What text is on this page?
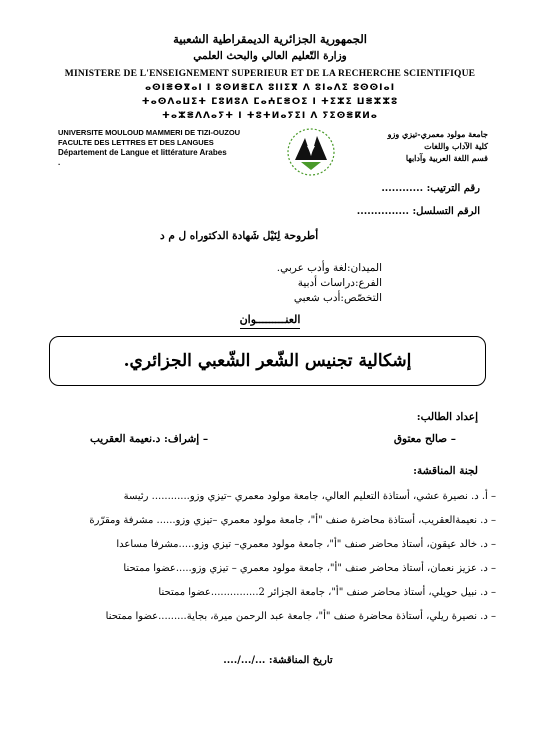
الجمهورية الجزائرية الديمقراطية الشعبية
وزارة التّعليم العالي والبحث العلمي
MINISTERE DE L'ENSEIGNEMENT SUPERIEUR ET DE LA RECHERCHE SCIENTIFIQUE
ⴰⵙⵏⴻⴱⴳⴰⵏ ⵏ ⵓⵙⵍⴻⵎⴷ ⵓⵏⵏⵉⴳ ⴷ ⵓⵏⴰⴷⵉ ⵓⵙⵙⵏⴰⵏ
ⵜⴰⵙⴷⴰⵡⵉⵜ ⵎⵓⵍⵓⴷ ⵎⴰⵄⵎⴻⵔⵉ ⵏ ⵜⵉⵣⵉ ⵡⴻⵣⵣⵓ
ⵜⴰⵣⴻⴷⴷⴰⵢⵜ ⵏ ⵜⵓⵜⵍⴰⵢⵉⵏ ⴷ ⵢⵉⵙⴻⴽⵍⴰ
UNIVERSITE MOULOUD MAMMERI DE TIZI-OUZOU
FACULTE DES LETTRES ET DES LANGUES
Département de Langue et littérature Arabes
.
جامعة مولود معمري-تيزي وزو
كلية الآداب واللغات
قسم اللغة العربية وآدابها
رقم الترتيب: ............
الرقم التسلسل: ...............
أطروحة لِنَيْل شَهادة الدكتوراه ل م د
الميدان:لغة وأدب عربي.
الفرع:دراسات أدبية
التخصّص:أدب شعبي
العنـــــــــوان
إشكالية تجنيس الشّعر الشّعبي الجزائري.
إعداد الطالب:
– صالح معتوق
– إشراف: د.نعيمة العقريب
لجنة المناقشة:
– أ. د. نصيرة عشي، أستاذة التعليم العالي، جامعة مولود معمري –تيزي وزو............ رئيسة
– د. نعيمةالعقريب، أستاذة محاضرة صنف "أ"، جامعة مولود معمري –تيزي وزو...... مشرفة ومقرّرة
– د. خالد عيقون، أستاذ محاضر صنف "أ"، جامعة مولود معمري– تيزي وزو.....مشرفا مساعدا
– د. عزيز نعمان، أستاذ محاضر صنف "أ"، جامعة مولود معمري – تيزي وزو.....عضوا ممتحنا
– د. نبيل حويلي، أستاذ محاضر صنف "أ"، جامعة الجزائر 2...............عضوا ممتحنا
– د. نصيرة ريلي، أستاذة محاضرة صنف "أ"، جامعة عبد الرحمن ميرة، بجاية.........عضوا ممتحنا
تاريخ المناقشة: .../.../....
